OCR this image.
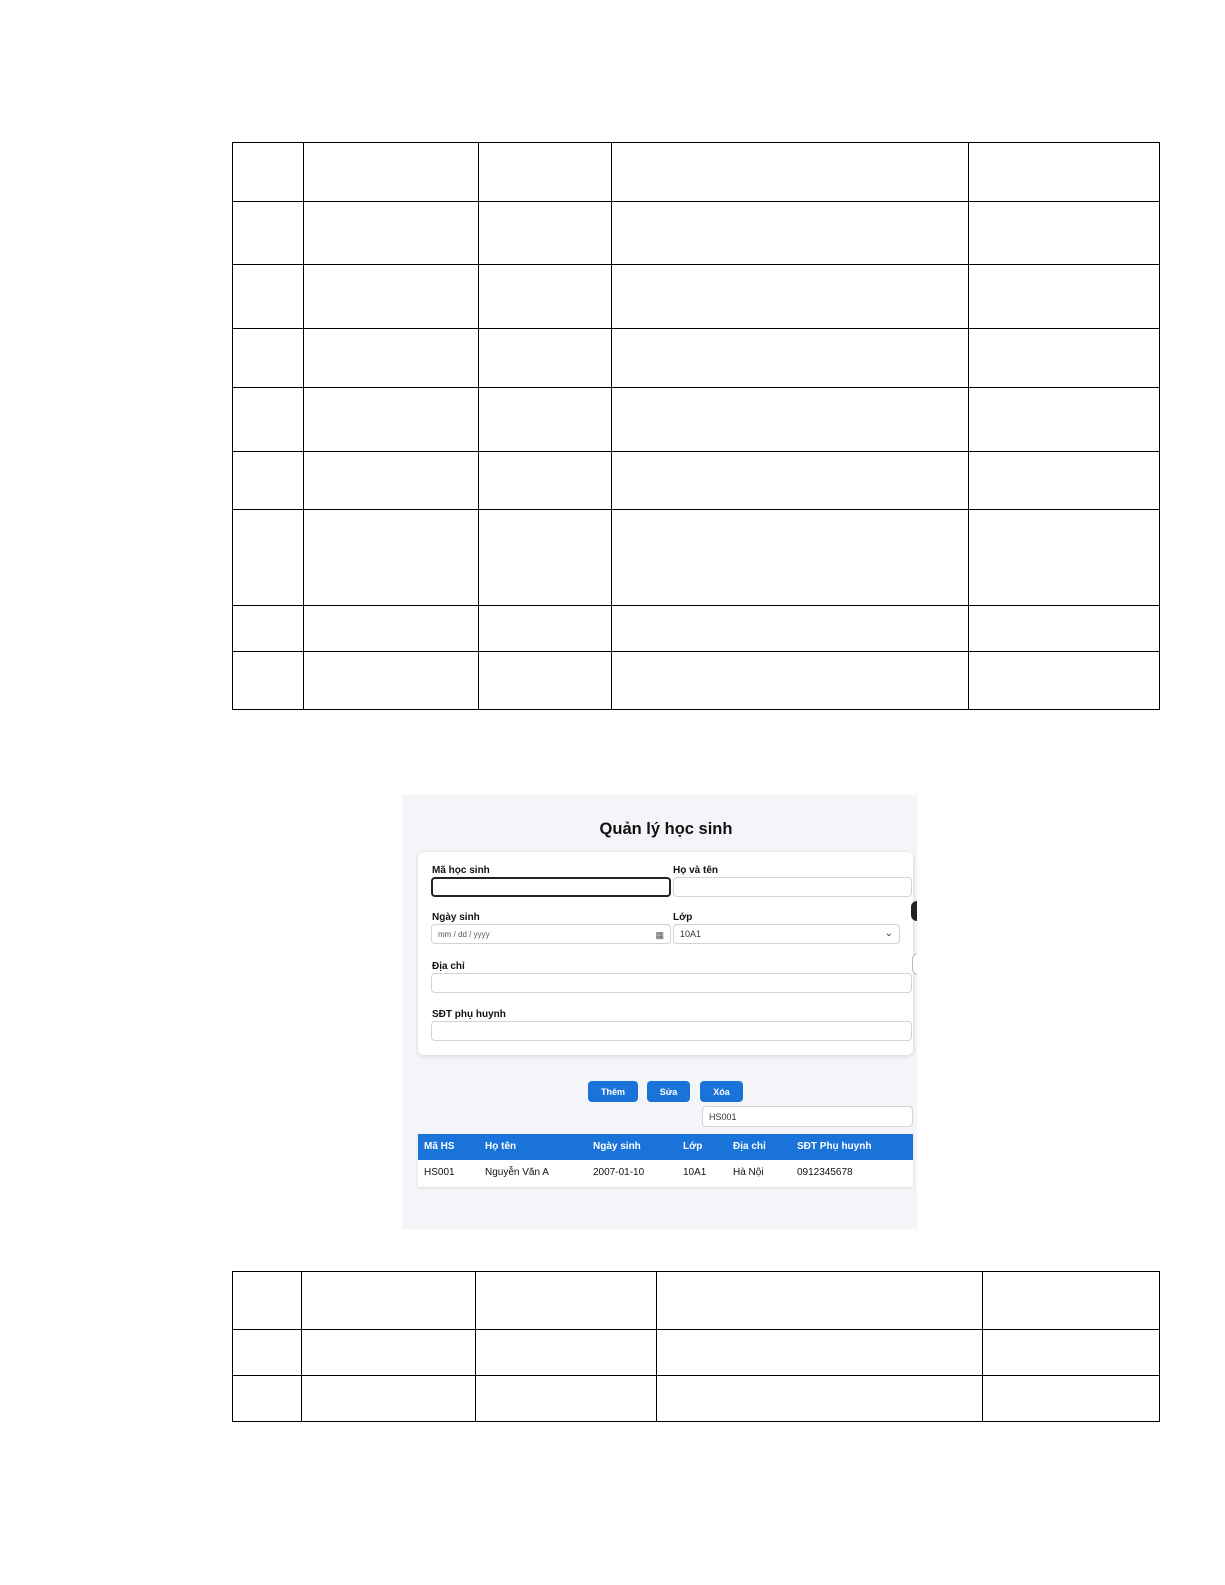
Quản lý học sinh
Mã học sinh	Họ và tên
Ngày sinh
mm / dd / yyyy	▦
Lớp
10A1	⌄
Địa chỉ
SĐT phụ huynh
Thêm	Sửa	Xóa
HS001
Mã HS	Họ tên	Ngày sinh	Lớp	Địa chỉ	SĐT Phụ huynh
HS001	Nguyễn Văn A	2007-01-10	10A1	Hà Nội	0912345678
